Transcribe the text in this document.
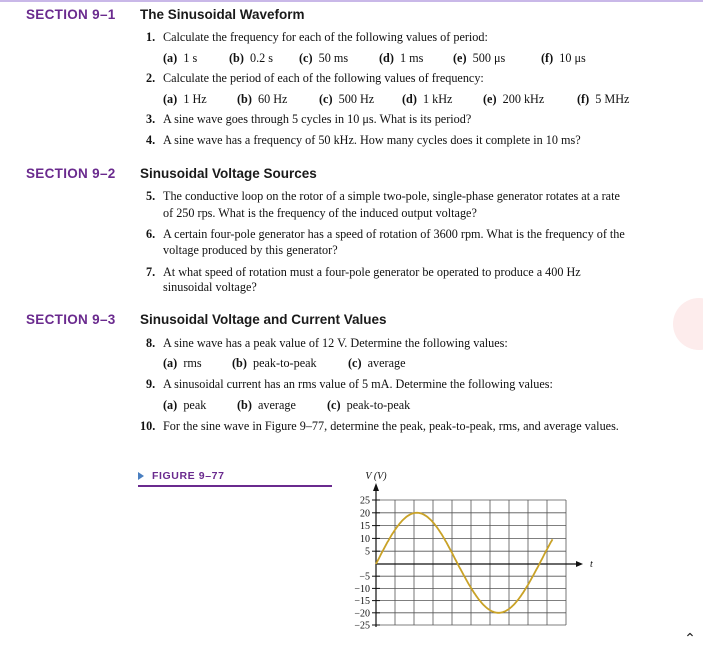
SECTION 9–1 The Sinusoidal Waveform
1. Calculate the frequency for each of the following values of period:
(a) 1 s	(b) 0.2 s (c) 50 ms	(d) 1 ms (e) 500 μs	(f) 10 μs
2. Calculate the period of each of the following values of frequency:
(a) 1 Hz (b) 60 Hz	(c) 500 Hz (d) 1 kHz	(e) 200 kHz	(f) 5 MHz
3. A sine wave goes through 5 cycles in 10 μs. What is its period?
4. A sine wave has a frequency of 50 kHz. How many cycles does it complete in 10 ms?
SECTION 9–2 Sinusoidal Voltage Sources
5. The conductive loop on the rotor of a simple two-pole, single-phase generator rotates at a rate
of 250 rps. What is the frequency of the induced output voltage?
6. A certain four-pole generator has a speed of rotation of 3600 rpm. What is the frequency of the
voltage produced by this generator?
7. At what speed of rotation must a four-pole generator be operated to produce a 400 Hz
sinusoidal voltage?
SECTION 9–3 Sinusoidal Voltage and Current Values
8. A sine wave has a peak value of 12 V. Determine the following values:
(a) rms (b) peak-to-peak	(c) average
9. A sinusoidal current has an rms value of 5 mA. Determine the following values:
(a) peak	(b) average	(c) peak-to-peak
10. For the sine wave in Figure 9–77, determine the peak, peak-to-peak, rms, and average values.
FIGURE 9–77
25
20
15
10
5
−5
−10
−15
−20
−25
V (V)
t
⌃
